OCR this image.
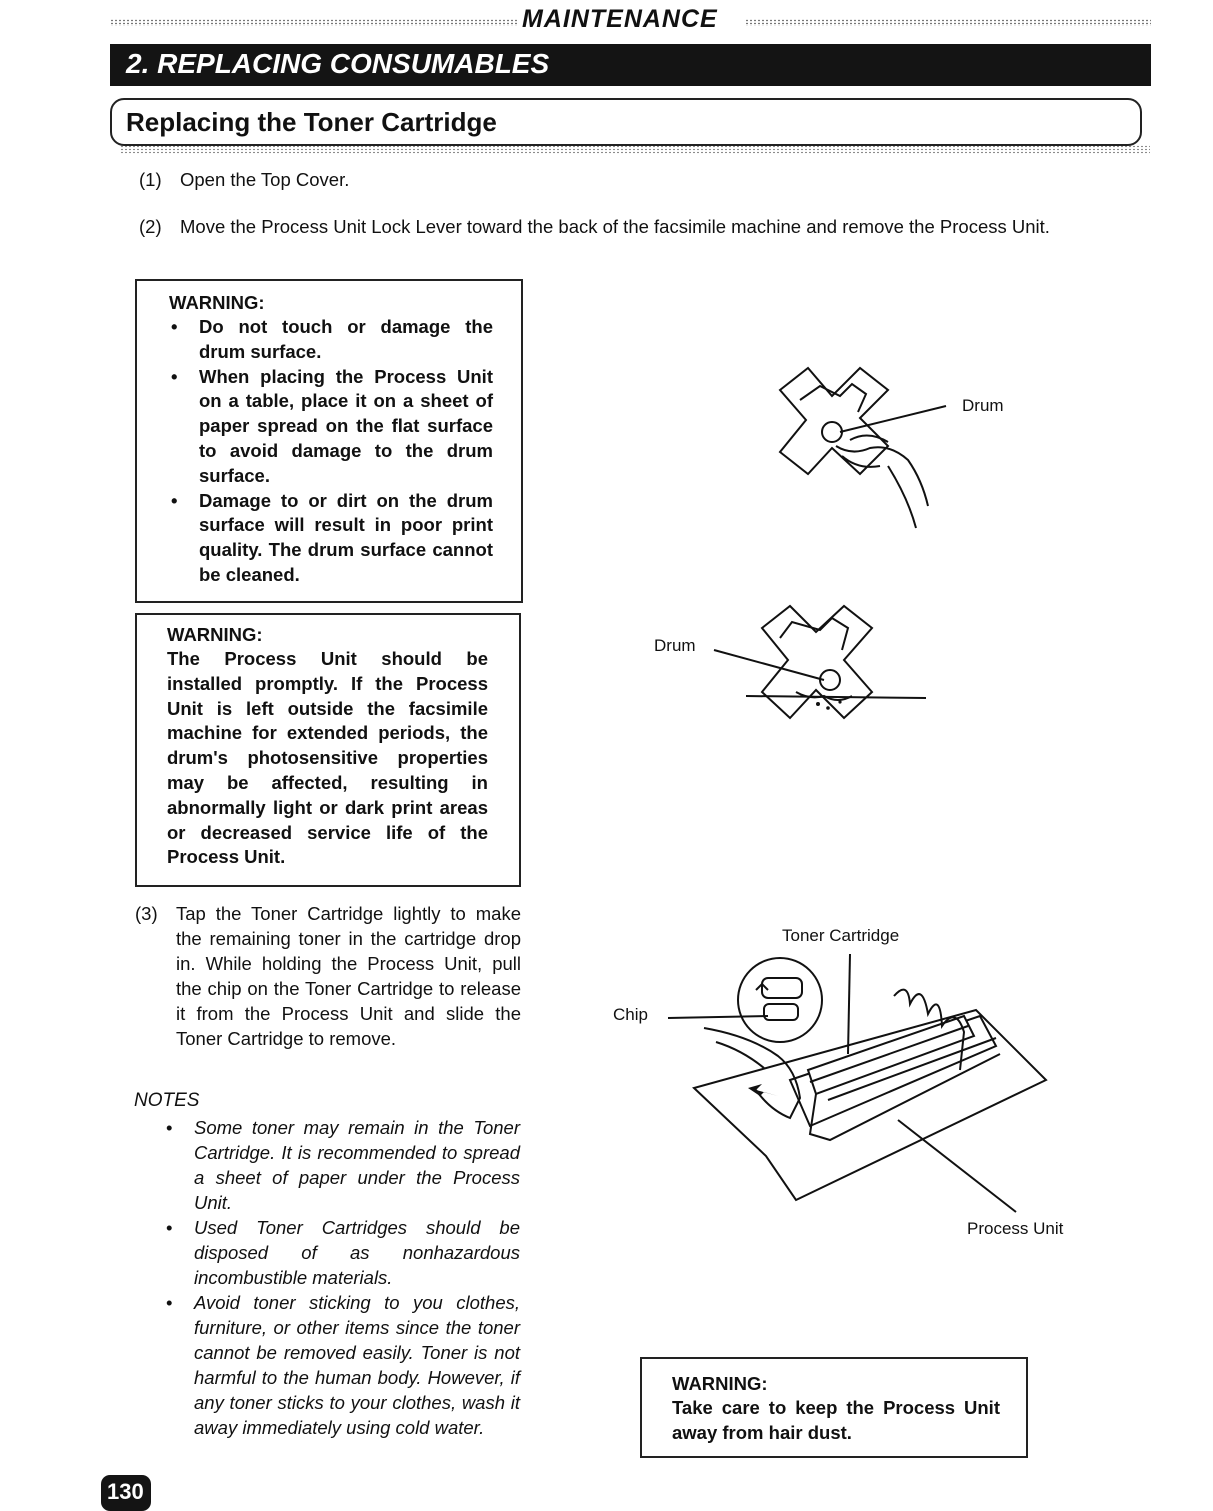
MAINTENANCE
2. REPLACING CONSUMABLES
Replacing the Toner Cartridge
(1) Open the Top Cover.
(2) Move the Process Unit Lock Lever toward the back of the facsimile machine and remove the Process Unit.
WARNING:
• Do not touch or damage the drum surface.
• When placing the Process Unit on a table, place it on a sheet of paper spread on the flat surface to avoid damage to the drum surface.
• Damage to or dirt on the drum surface will result in poor print quality. The drum surface cannot be cleaned.
WARNING:
The Process Unit should be installed promptly. If the Process Unit is left outside the facsimile machine for extended periods, the drum's photosensitive properties may be affected, resulting in abnormally light or dark print areas or decreased service life of the Process Unit.
(3) Tap the Toner Cartridge lightly to make the remaining toner in the cartridge drop in. While holding the Process Unit, pull the chip on the Toner Cartridge to release it from the Process Unit and slide the Toner Cartridge to remove.
NOTES
• Some toner may remain in the Toner Cartridge. It is recommended to spread a sheet of paper under the Process Unit.
• Used Toner Cartridges should be disposed of as nonhazardous incombustible materials.
• Avoid toner sticking to you clothes, furniture, or other items since the toner cannot be removed easily. Toner is not harmful to the human body. However, if any toner sticks to your clothes, wash it away immediately using cold water.
Drum
Drum
Toner Cartridge
Chip
Process Unit
WARNING:
Take care to keep the Process Unit away from hair dust.
130
